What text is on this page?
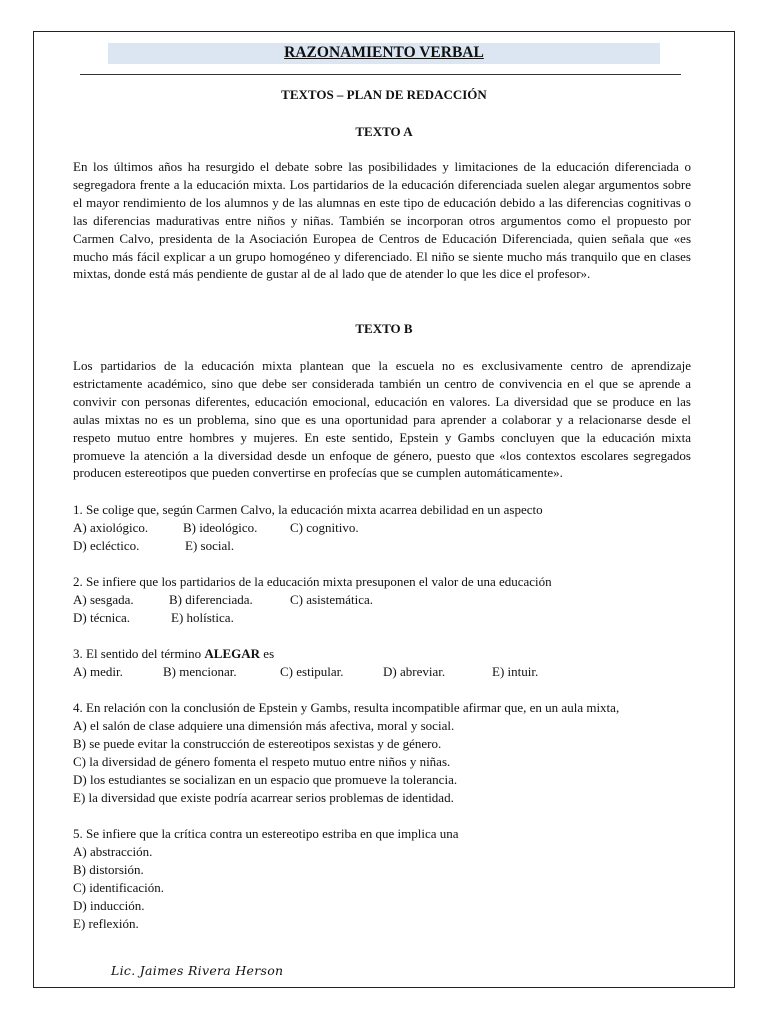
RAZONAMIENTO VERBAL
TEXTOS – PLAN DE REDACCIÓN
TEXTO A

En los últimos años ha resurgido el debate sobre las posibilidades y limitaciones de la educación diferenciada o segregadora frente a la educación mixta. Los partidarios de la educación diferenciada suelen alegar argumentos sobre el mayor rendimiento de los alumnos y de las alumnas en este tipo de educación debido a las diferencias cognitivas o las diferencias madurativas entre niños y niñas. También se incorporan otros argumentos como el propuesto por Carmen Calvo, presidenta de la Asociación Europea de Centros de Educación Diferenciada, quien señala que «es mucho más fácil explicar a un grupo homogéneo y diferenciado. El niño se siente mucho más tranquilo que en clases mixtas, donde está más pendiente de gustar al de al lado que de atender lo que les dice el profesor».

TEXTO B

Los partidarios de la educación mixta plantean que la escuela no es exclusivamente centro de aprendizaje estrictamente académico, sino que debe ser considerada también un centro de convivencia en el que se aprende a convivir con personas diferentes, educación emocional, educación en valores. La diversidad que se produce en las aulas mixtas no es un problema, sino que es una oportunidad para aprender a colaborar y a relacionarse desde el respeto mutuo entre hombres y mujeres. En este sentido, Epstein y Gambs concluyen que la educación mixta promueve la atención a la diversidad desde un enfoque de género, puesto que «los contextos escolares segregados producen estereotipos que pueden convertirse en profecías que se cumplen automáticamente».

1. Se colige que, según Carmen Calvo, la educación mixta acarrea debilidad en un aspecto
A) axiológico.	B) ideológico.	C) cognitivo.
D) ecléctico.	E) social.
2. Se infiere que los partidarios de la educación mixta presuponen el valor de una educación
A) sesgada.	B) diferenciada.	C) asistemática.
D) técnica.	E) holística.
3. El sentido del término ALEGAR es
A) medir.	B) mencionar.	C) estipular.	D) abreviar.	E) intuir.
4. En relación con la conclusión de Epstein y Gambs, resulta incompatible afirmar que, en un aula mixta,
A) el salón de clase adquiere una dimensión más afectiva, moral y social.
B) se puede evitar la construcción de estereotipos sexistas y de género.
C) la diversidad de género fomenta el respeto mutuo entre niños y niñas.
D) los estudiantes se socializan en un espacio que promueve la tolerancia.
E) la diversidad que existe podría acarrear serios problemas de identidad.
5. Se infiere que la crítica contra un estereotipo estriba en que implica una
A) abstracción.
B) distorsión.
C) identificación.
D) inducción.
E) reflexión.
Lic. Jaimes Rivera Herson
